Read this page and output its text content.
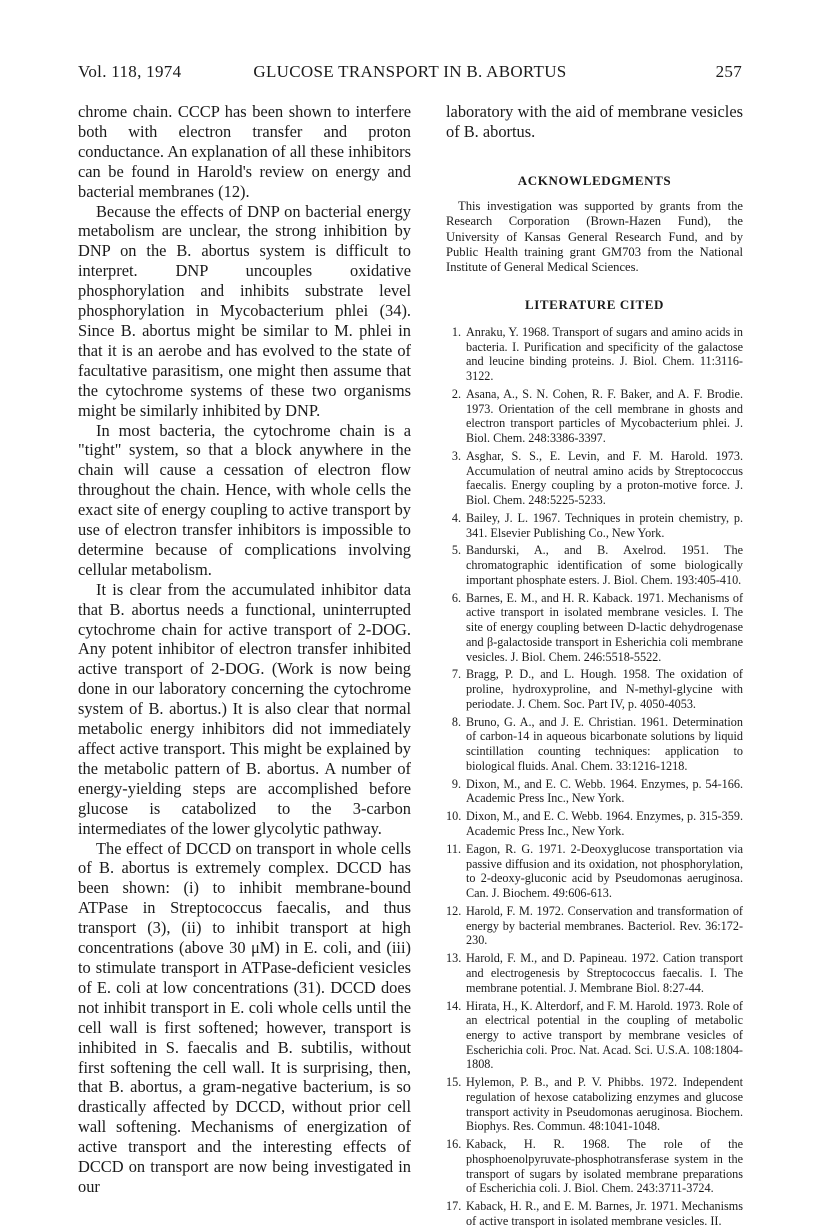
Vol. 118, 1974	GLUCOSE TRANSPORT IN B. ABORTUS	257

chrome chain. CCCP has been shown to interfere both with electron transfer and proton conductance. An explanation of all these inhibitors can be found in Harold's review on energy and bacterial membranes (12).

Because the effects of DNP on bacterial energy metabolism are unclear, the strong inhibition by DNP on the B. abortus system is difficult to interpret. DNP uncouples oxidative phosphorylation and inhibits substrate level phosphorylation in Mycobacterium phlei (34). Since B. abortus might be similar to M. phlei in that it is an aerobe and has evolved to the state of facultative parasitism, one might then assume that the cytochrome systems of these two organisms might be similarly inhibited by DNP.

In most bacteria, the cytochrome chain is a "tight" system, so that a block anywhere in the chain will cause a cessation of electron flow throughout the chain. Hence, with whole cells the exact site of energy coupling to active transport by use of electron transfer inhibitors is impossible to determine because of complications involving cellular metabolism.

It is clear from the accumulated inhibitor data that B. abortus needs a functional, uninterrupted cytochrome chain for active transport of 2-DOG. Any potent inhibitor of electron transfer inhibited active transport of 2-DOG. (Work is now being done in our laboratory concerning the cytochrome system of B. abortus.) It is also clear that normal metabolic energy inhibitors did not immediately affect active transport. This might be explained by the metabolic pattern of B. abortus. A number of energy-yielding steps are accomplished before glucose is catabolized to the 3-carbon intermediates of the lower glycolytic pathway.

The effect of DCCD on transport in whole cells of B. abortus is extremely complex. DCCD has been shown: (i) to inhibit membrane-bound ATPase in Streptococcus faecalis, and thus transport (3), (ii) to inhibit transport at high concentrations (above 30 μM) in E. coli, and (iii) to stimulate transport in ATPase-deficient vesicles of E. coli at low concentrations (31). DCCD does not inhibit transport in E. coli whole cells until the cell wall is first softened; however, transport is inhibited in S. faecalis and B. subtilis, without first softening the cell wall. It is surprising, then, that B. abortus, a gram-negative bacterium, is so drastically affected by DCCD, without prior cell wall softening. Mechanisms of energization of active transport and the interesting effects of DCCD on transport are now being investigated in our

laboratory with the aid of membrane vesicles of B. abortus.

ACKNOWLEDGMENTS

This investigation was supported by grants from the Research Corporation (Brown-Hazen Fund), the University of Kansas General Research Fund, and by Public Health training grant GM703 from the National Institute of General Medical Sciences.

LITERATURE CITED
1. Anraku, Y. 1968. Transport of sugars and amino acids in bacteria. I. Purification and specificity of the galactose and leucine binding proteins. J. Biol. Chem. 11:3116-3122.
2. Asana, A., S. N. Cohen, R. F. Baker, and A. F. Brodie. 1973. Orientation of the cell membrane in ghosts and electron transport particles of Mycobacterium phlei. J. Biol. Chem. 248:3386-3397.
3. Asghar, S. S., E. Levin, and F. M. Harold. 1973. Accumulation of neutral amino acids by Streptococcus faecalis. Energy coupling by a proton-motive force. J. Biol. Chem. 248:5225-5233.
4. Bailey, J. L. 1967. Techniques in protein chemistry, p. 341. Elsevier Publishing Co., New York.
5. Bandurski, A., and B. Axelrod. 1951. The chromatographic identification of some biologically important phosphate esters. J. Biol. Chem. 193:405-410.
6. Barnes, E. M., and H. R. Kaback. 1971. Mechanisms of active transport in isolated membrane vesicles. I. The site of energy coupling between D-lactic dehydrogenase and β-galactoside transport in Esherichia coli membrane vesicles. J. Biol. Chem. 246:5518-5522.
7. Bragg, P. D., and L. Hough. 1958. The oxidation of proline, hydroxyproline, and N-methyl-glycine with periodate. J. Chem. Soc. Part IV, p. 4050-4053.
8. Bruno, G. A., and J. E. Christian. 1961. Determination of carbon-14 in aqueous bicarbonate solutions by liquid scintillation counting techniques: application to biological fluids. Anal. Chem. 33:1216-1218.
9. Dixon, M., and E. C. Webb. 1964. Enzymes, p. 54-166. Academic Press Inc., New York.
10. Dixon, M., and E. C. Webb. 1964. Enzymes, p. 315-359. Academic Press Inc., New York.
11. Eagon, R. G. 1971. 2-Deoxyglucose transportation via passive diffusion and its oxidation, not phosphorylation, to 2-deoxy-gluconic acid by Pseudomonas aeruginosa. Can. J. Biochem. 49:606-613.
12. Harold, F. M. 1972. Conservation and transformation of energy by bacterial membranes. Bacteriol. Rev. 36:172-230.
13. Harold, F. M., and D. Papineau. 1972. Cation transport and electrogenesis by Streptococcus faecalis. I. The membrane potential. J. Membrane Biol. 8:27-44.
14. Hirata, H., K. Alterdorf, and F. M. Harold. 1973. Role of an electrical potential in the coupling of metabolic energy to active transport by membrane vesicles of Escherichia coli. Proc. Nat. Acad. Sci. U.S.A. 108:1804-1808.
15. Hylemon, P. B., and P. V. Phibbs. 1972. Independent regulation of hexose catabolizing enzymes and glucose transport activity in Pseudomonas aeruginosa. Biochem. Biophys. Res. Commun. 48:1041-1048.
16. Kaback, H. R. 1968. The role of the phosphoenolpyruvate-phosphotransferase system in the transport of sugars by isolated membrane preparations of Escherichia coli. J. Biol. Chem. 243:3711-3724.
17. Kaback, H. R., and E. M. Barnes, Jr. 1971. Mechanisms of active transport in isolated membrane vesicles. II.
